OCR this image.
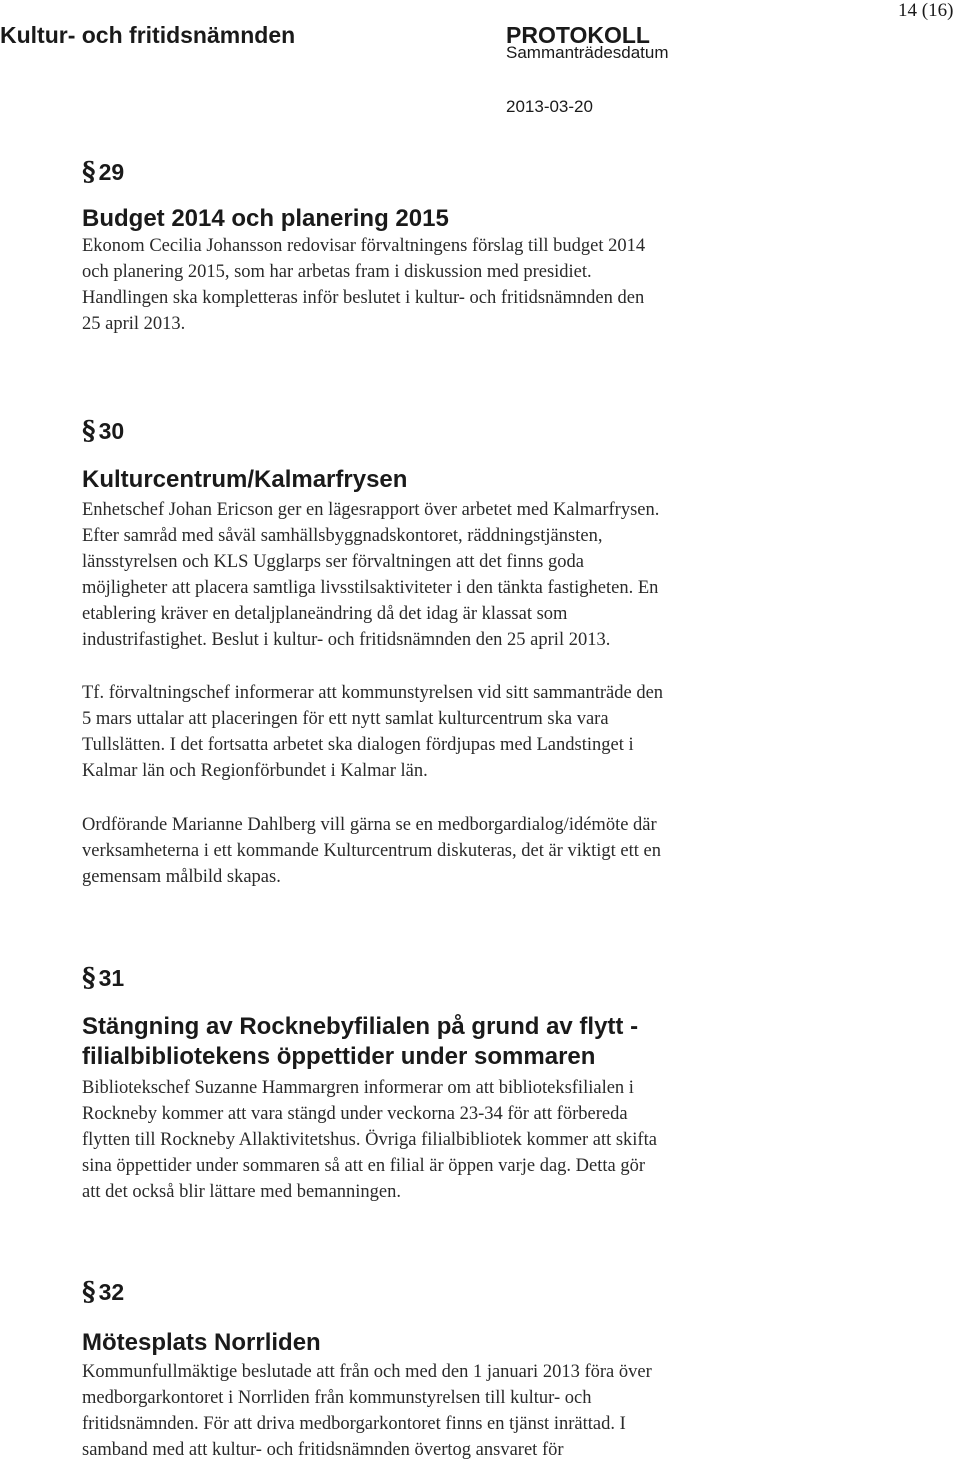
Kultur- och fritidsnämnden	PROTOKOLL
14 (16)
Sammanträdesdatum
2013-03-20
§ 29
Budget 2014 och planering 2015
Ekonom Cecilia Johansson redovisar förvaltningens förslag till budget 2014
och planering 2015, som har arbetas fram i diskussion med presidiet.
Handlingen ska kompletteras inför beslutet i kultur- och fritidsnämnden den
25 april 2013.
§ 30
Kulturcentrum/Kalmarfrysen
Enhetschef Johan Ericson ger en lägesrapport över arbetet med Kalmarfrysen.
Efter samråd med såväl samhällsbyggnadskontoret, räddningstjänsten,
länsstyrelsen och KLS Ugglarps ser förvaltningen att det finns goda
möjligheter att placera samtliga livsstilsaktiviteter i den tänkta fastigheten. En
etablering kräver en detaljplaneändring då det idag är klassat som
industrifastighet. Beslut i kultur- och fritidsnämnden den 25 april 2013.
Tf. förvaltningschef informerar att kommunstyrelsen vid sitt sammanträde den
5 mars uttalar att placeringen för ett nytt samlat kulturcentrum ska vara
Tullslätten. I det fortsatta arbetet ska dialogen fördjupas med Landstinget i
Kalmar län och Regionförbundet i Kalmar län.
Ordförande Marianne Dahlberg vill gärna se en medborgardialog/idémöte där
verksamheterna i ett kommande Kulturcentrum diskuteras, det är viktigt ett en
gemensam målbild skapas.
§ 31
Stängning av Rocknebyfilialen på grund av flytt -
filialbibliotekens öppettider under sommaren
Bibliotekschef Suzanne Hammargren informerar om att biblioteksfilialen i
Rockneby kommer att vara stängd under veckorna 23-34 för att förbereda
flytten till Rockneby Allaktivitetshus. Övriga filialbibliotek kommer att skifta
sina öppettider under sommaren så att en filial är öppen varje dag. Detta gör
att det också blir lättare med bemanningen.
§ 32
Mötesplats Norrliden
Kommunfullmäktige beslutade att från och med den 1 januari 2013 föra över
medborgarkontoret i Norrliden från kommunstyrelsen till kultur- och
fritidsnämnden. För att driva medborgarkontoret finns en tjänst inrättad. I
samband med att kultur- och fritidsnämnden övertog ansvaret för
